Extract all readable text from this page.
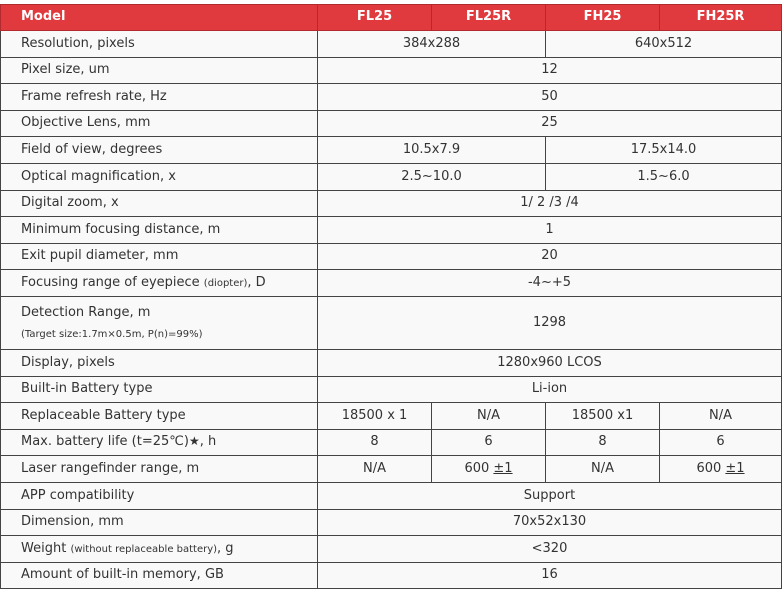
Model	FL25	FL25R	FH25	FH25R
Resolution, pixels	384x288		640x512	
Pixel size, um	12			
Frame refresh rate, Hz	50			
Objective Lens, mm	25			
Field of view, degrees	10.5x7.9		17.5x14.0	
Optical magnification, x	2.5~10.0		1.5~6.0	
Digital zoom, x	1/ 2 /3 /4			
Minimum focusing distance, m	1			
Exit pupil diameter, mm	20			
Focusing range of eyepiece (diopter), D	-4~+5			
Detection Range, m
(Target size:1.7m×0.5m, P(n)=99%)	1298			
Display, pixels	1280x960 LCOS			
Built-in Battery type	Li-ion			
Replaceable Battery type	18500 x 1	N/A	18500 x1	N/A
Max. battery life (t=25℃)★, h	8	6	8	6
Laser rangefinder range, m	N/A	600 ±1	N/A	600 ±1
APP compatibility	Support			
Dimension, mm	70x52x130			
Weight (without replaceable battery), g	<320			
Amount of built-in memory, GB	16			
